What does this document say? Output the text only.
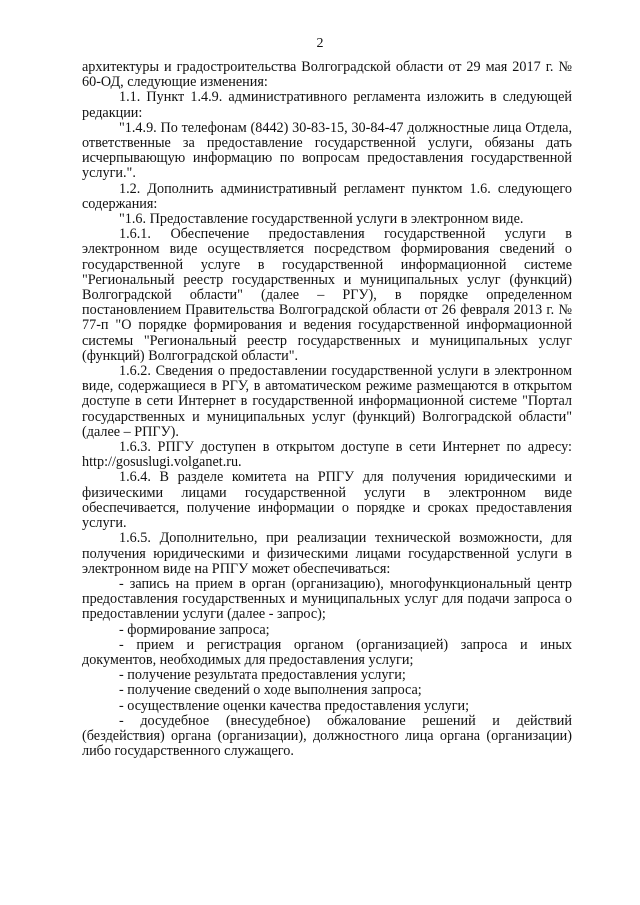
2

архитектуры и градостроительства Волгоградской области от 29 мая 2017 г. № 60-ОД, следующие изменения:

1.1. Пункт 1.4.9. административного регламента изложить в следующей редакции:

"1.4.9. По телефонам (8442) 30-83-15, 30-84-47 должностные лица Отдела, ответственные за предоставление государственной услуги, обязаны дать исчерпывающую информацию по вопросам предоставления государственной услуги.".

1.2. Дополнить административный регламент пунктом 1.6. следующего содержания:

"1.6. Предоставление государственной услуги в электронном виде.

1.6.1. Обеспечение предоставления государственной услуги в электронном виде осуществляется посредством формирования сведений о государственной услуге в государственной информационной системе "Региональный реестр государственных и муниципальных услуг (функций) Волгоградской области" (далее – РГУ), в порядке определенном постановлением Правительства Волгоградской области от 26 февраля 2013 г. № 77-п "О порядке формирования и ведения государственной информационной системы "Региональный реестр государственных и муниципальных услуг (функций) Волгоградской области".

1.6.2. Сведения о предоставлении государственной услуги в электронном виде, содержащиеся в РГУ, в автоматическом режиме размещаются в открытом доступе в сети Интернет в государственной информационной системе "Портал государственных и муниципальных услуг (функций) Волгоградской области" (далее – РПГУ).

1.6.3. РПГУ доступен в открытом доступе в сети Интернет по адресу: http://gosuslugi.volganet.ru.

1.6.4. В разделе комитета на РПГУ для получения юридическими и физическими лицами государственной услуги в электронном виде обеспечивается, получение информации о порядке и сроках предоставления услуги.

1.6.5. Дополнительно, при реализации технической возможности, для получения юридическими и физическими лицами государственной услуги в электронном виде на РПГУ может обеспечиваться:

- запись на прием в орган (организацию), многофункциональный центр предоставления государственных и муниципальных услуг для подачи запроса о предоставлении услуги (далее - запрос);

- формирование запроса;

- прием и регистрация органом (организацией) запроса и иных документов, необходимых для предоставления услуги;

- получение результата предоставления услуги;

- получение сведений о ходе выполнения запроса;

- осуществление оценки качества предоставления услуги;

- досудебное (внесудебное) обжалование решений и действий (бездействия) органа (организации), должностного лица органа (организации) либо государственного служащего.
